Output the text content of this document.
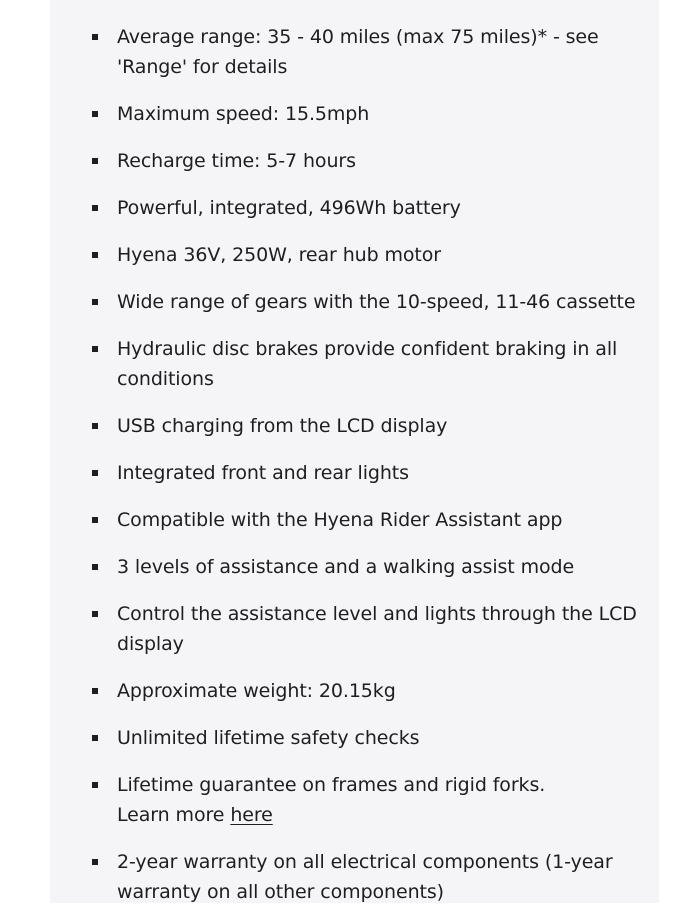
Average range: 35 - 40 miles (max 75 miles)* - see 'Range' for details
Maximum speed: 15.5mph
Recharge time: 5-7 hours
Powerful, integrated, 496Wh battery
Hyena 36V, 250W, rear hub motor
Wide range of gears with the 10-speed, 11-46 cassette
Hydraulic disc brakes provide confident braking in all conditions
USB charging from the LCD display
Integrated front and rear lights
Compatible with the Hyena Rider Assistant app
3 levels of assistance and a walking assist mode
Control the assistance level and lights through the LCD display
Approximate weight: 20.15kg
Unlimited lifetime safety checks
Lifetime guarantee on frames and rigid forks.
Learn more here
2-year warranty on all electrical components (1-year warranty on all other components)
